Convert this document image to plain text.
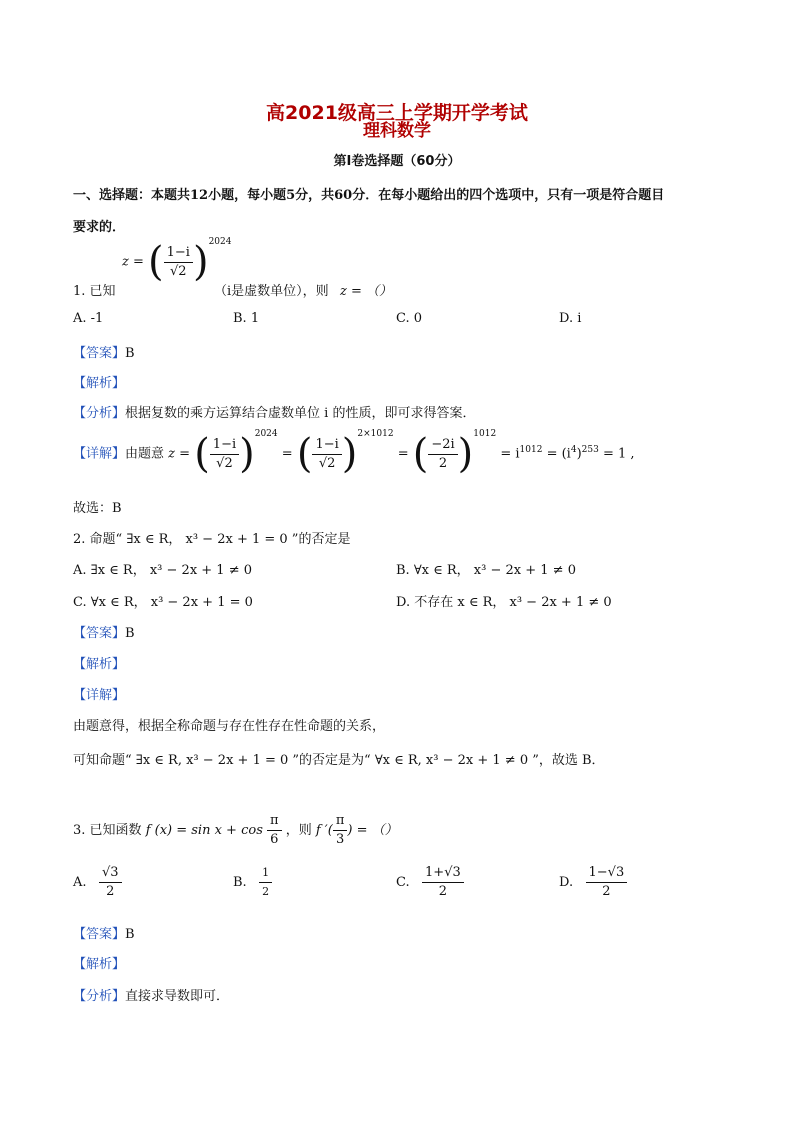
高2021级高三上学期开学考试
理科数学
第Ⅰ卷选择题（60分）
一、选择题：本题共12小题，每小题5分，共60分．在每小题给出的四个选项中，只有一项是符合题目
要求的．
z = ( $\frac{1-i}{√2} )^{2024}$
1. 已知	（i是虚数单位），则 z = （）
A. -1	B. 1	C. 0	D. i
【答案】B
【解析】
【分析】根据复数的乘方运算结合虚数单位 i 的性质，即可求得答案．
【详解】由题意 z = ( $\frac{1-i}{√2} )^{2024}$ = ( $\frac{1-i}{√2} )^{2\times 1012}$ = ( $\frac{-2i}{2} )^{1012} = i^{1012} = (i^4)^{253} = 1$ ,
故选：B
2. 命题“ ∃x ∈ R， x³ − 2x + 1 = 0 ”的否定是
A. ∃x ∈ R， x³ − 2x + 1 ≠ 0	B. ∀x ∈ R， x³ − 2x + 1 ≠ 0
C. ∀x ∈ R， x³ − 2x + 1 = 0	D. 不存在 x ∈ R， x³ − 2x + 1 ≠ 0
【答案】B
【解析】
【详解】
由题意得，根据全称命题与存在性存在性命题的关系，
可知命题“ ∃x ∈ R, x³ − 2x + 1 = 0 ”的否定是为“ ∀x ∈ R, x³ − 2x + 1 ≠ 0 ”，故选 B．
3. 已知函数 f $(x) = \sin x + \cos \frac{\pi}{6}$ ，则 f ′( $\frac{\pi}{3}$ ) = （）
A. $\frac{√3}{2}$	B. $\frac{1}{2}$	C. $\frac{1+√3}{2}$	D. $\frac{1-√3}{2}$
【答案】B
【解析】
【分析】直接求导数即可．
